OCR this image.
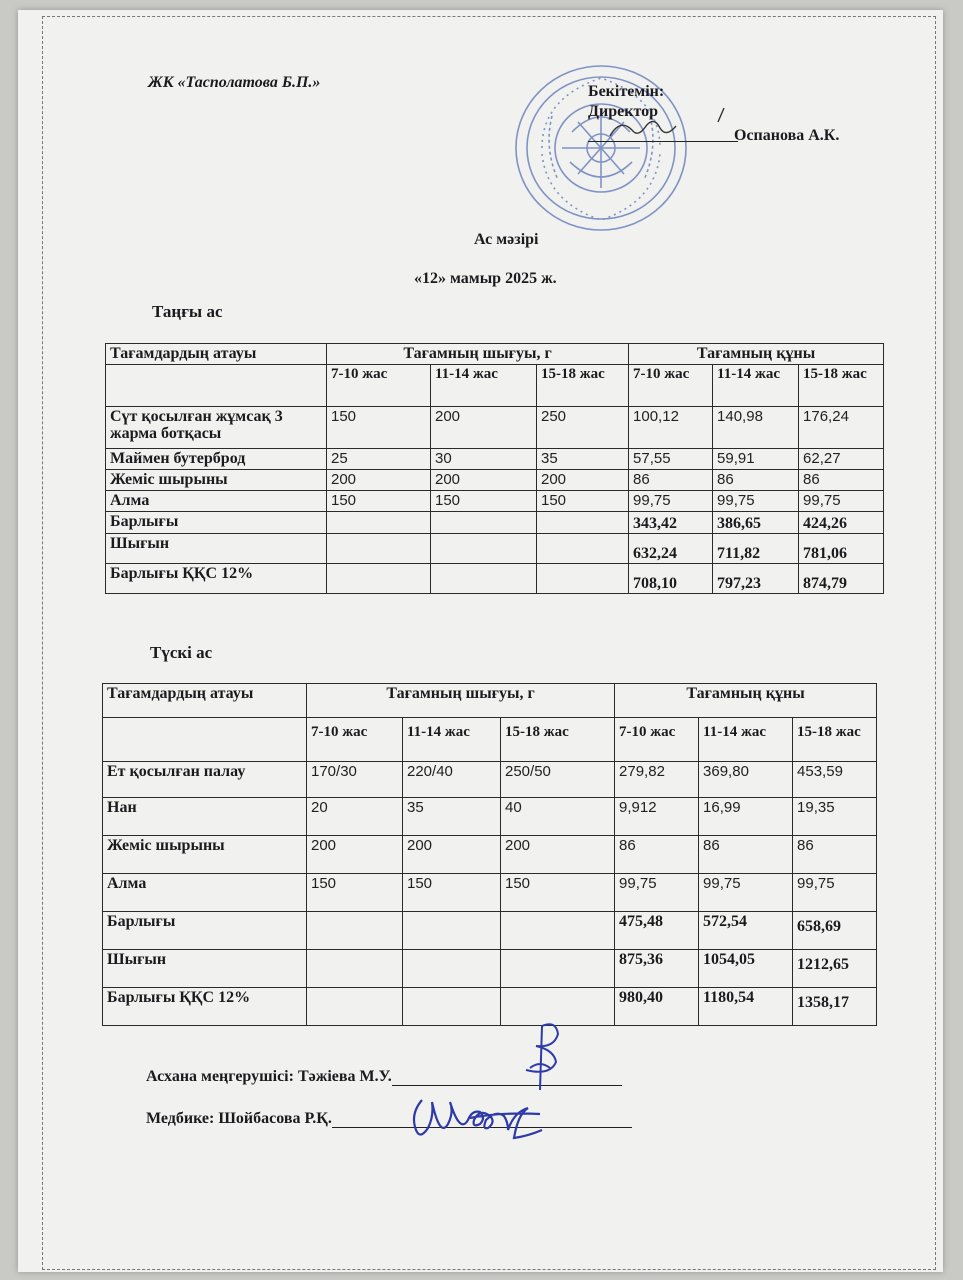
ЖК «Тасполатова Б.П.»
Бекітемін:
Директор
Оспанова А.К.
Ас мәзірі
«12» мамыр 2025 ж.
Таңғы ас
Тағамдардың атауы	Тағамның шығуы, г			Тағамның құны		
	7-10 жас	11-14 жас	15-18 жас	7-10 жас	11-14 жас	15-18 жас
Сүт қосылған жұмсақ 3 жарма ботқасы	150	200	250	100,12	140,98	176,24
Маймен бутерброд	25	30	35	57,55	59,91	62,27
Жеміс шырыны	200	200	200	86	86	86
Алма	150	150	150	99,75	99,75	99,75
Барлығы				343,42	386,65	424,26
Шығын				632,24	711,82	781,06
Барлығы ҚҚС 12%				708,10	797,23	874,79
Түскі ас
Тағамдардың атауы	Тағамның шығуы, г			Тағамның құны		
	7-10 жас	11-14 жас	15-18 жас	7-10 жас	11-14 жас	15-18 жас
Ет қосылған палау	170/30	220/40	250/50	279,82	369,80	453,59
Нан	20	35	40	9,912	16,99	19,35
Жеміс шырыны	200	200	200	86	86	86
Алма	150	150	150	99,75	99,75	99,75
Барлығы				475,48	572,54	658,69
Шығын				875,36	1054,05	1212,65
Барлығы ҚҚС 12%				980,40	1180,54	1358,17
Асхана меңгерушісі: Тәжіева М.У.
Медбике: Шойбасова Р.Қ.
